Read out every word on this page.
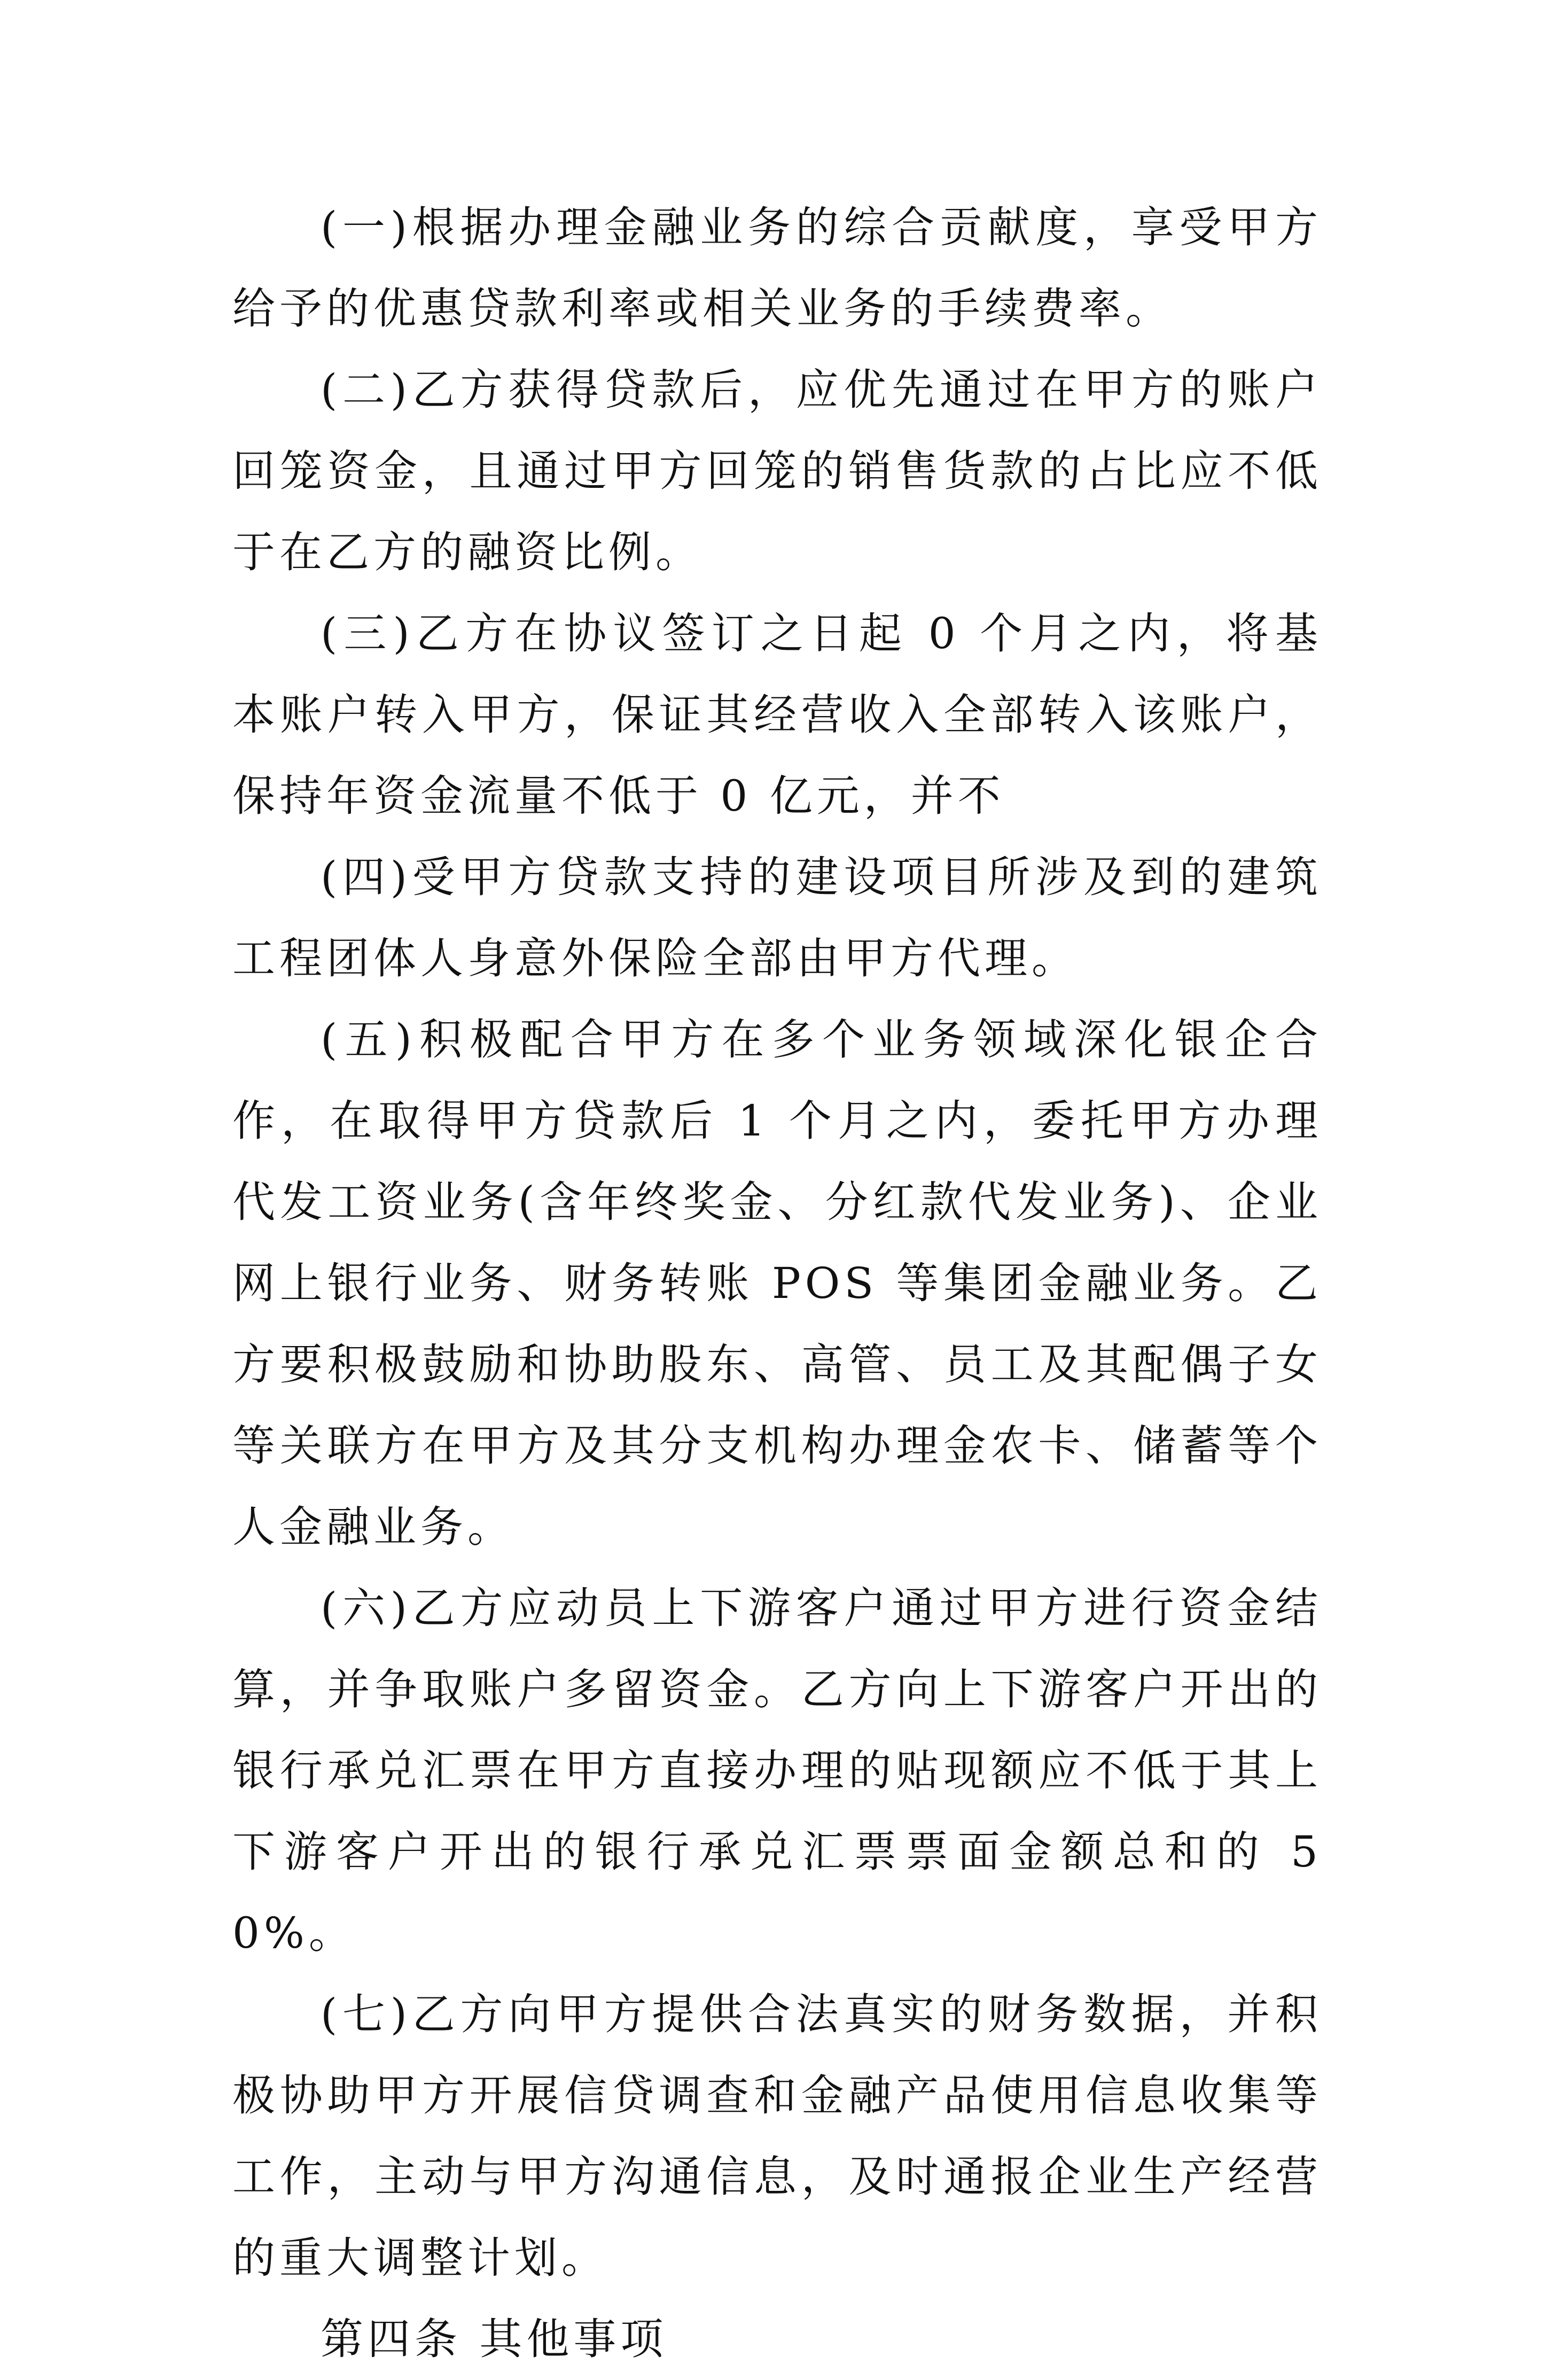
(一)根据办理金融业务的综合贡献度，享受甲方给予的优惠贷款利率或相关业务的手续费率。

(二)乙方获得贷款后，应优先通过在甲方的账户回笼资金，且通过甲方回笼的销售货款的占比应不低于在乙方的融资比例。

(三)乙方在协议签订之日起 0 个月之内，将基本账户转入甲方，保证其经营收入全部转入该账户，保持年资金流量不低于 0 亿元，并不

(四)受甲方贷款支持的建设项目所涉及到的建筑工程团体人身意外保险全部由甲方代理。

(五)积极配合甲方在多个业务领域深化银企合作，在取得甲方贷款后 1 个月之内，委托甲方办理代发工资业务(含年终奖金、分红款代发业务)、企业网上银行业务、财务转账 POS 等集团金融业务。乙方要积极鼓励和协助股东、高管、员工及其配偶子女等关联方在甲方及其分支机构办理金农卡、储蓄等个人金融业务。

(六)乙方应动员上下游客户通过甲方进行资金结算，并争取账户多留资金。乙方向上下游客户开出的银行承兑汇票在甲方直接办理的贴现额应不低于其上下游客户开出的银行承兑汇票票面金额总和的 50%。

(七)乙方向甲方提供合法真实的财务数据，并积极协助甲方开展信贷调查和金融产品使用信息收集等工作，主动与甲方沟通信息，及时通报企业生产经营的重大调整计划。

第四条 其他事项
